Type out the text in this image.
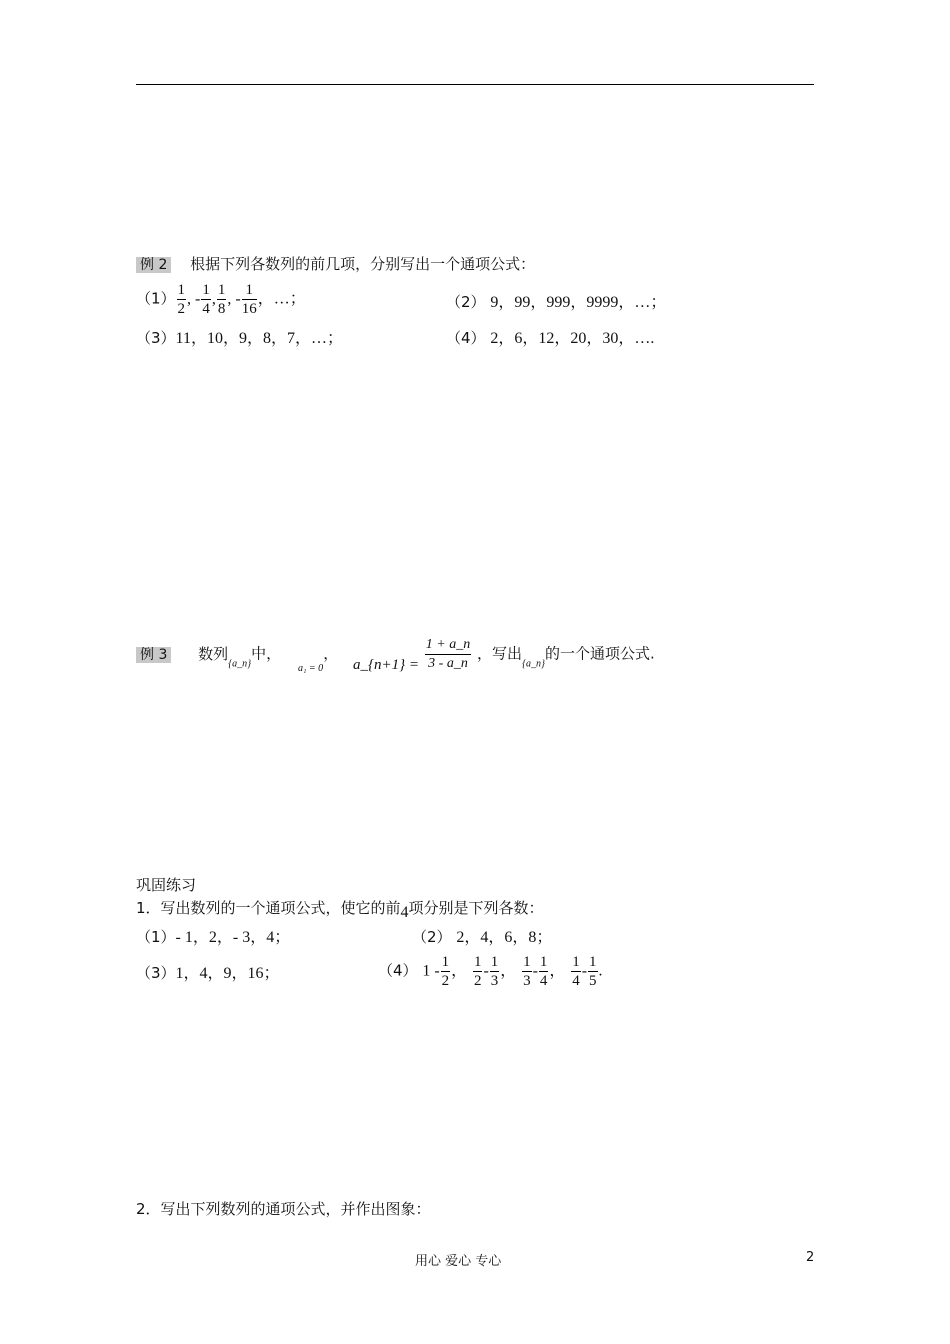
例 2 根据下列各数列的前几项，分别写出一个通项公式：
$(1) \frac{1}{2}$ , - $\frac{1}{4}$ , $\frac{1}{8}$ , - $\frac{1}{16}$ ，…；	（2） 9，99，999，9999，…；
（3）11，10，9，8，7，…；	（4） 2，6，12，20，30，….
例 3 数列$_{\{a\_n\}}$中， $_{a_1 = 0}$， a_{n+1} = $\frac{1 + a\_n}{3 - a\_n}$ ，写出$_{\{a\_n\}}$的一个通项公式.
巩固练习
1．写出数列的一个通项公式，使它的前4项分别是下列各数：
（1）- 1，2，- 3，4；	（2） 2，4，6，8；
（3）1，4，9，16；	（4） $1 - \frac{1}{2}$ ， $\frac{1}{2} - \frac{1}{3}$ ， $\frac{1}{3} - \frac{1}{4}$ ， $\frac{1}{4} - \frac{1}{5}$ .
2．写出下列数列的通项公式，并作出图象：
用心 爱心 专心	2
